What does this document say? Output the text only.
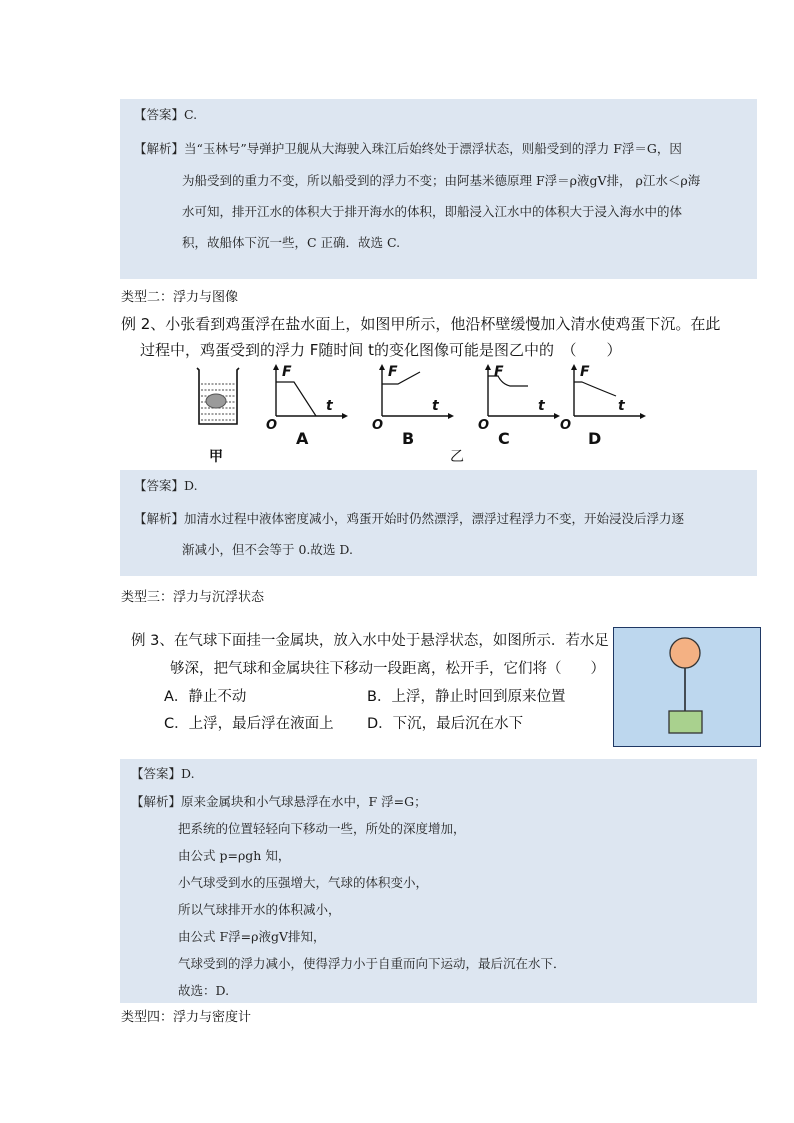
【答案】C.
【解析】当“玉林号”导弹护卫舰从大海驶入珠江后始终处于漂浮状态，则船受到的浮力 F浮＝G，因
为船受到的重力不变，所以船受到的浮力不变；由阿基米德原理 F浮＝ρ液gV排， ρ江水＜ρ海
水可知，排开江水的体积大于排开海水的体积，即船浸入江水中的体积大于浸入海水中的体
积，故船体下沉一些，C 正确．故选 C.
类型二：浮力与图像
例 2、小张看到鸡蛋浮在盐水面上，如图甲所示，他沿杯壁缓慢加入清水使鸡蛋下沉。在此
过程中，鸡蛋受到的浮力 F随时间 t的变化图像可能是图乙中的　（　　）
甲
F
t
O
A
F
t
O
B
F
t
O
C
F
t
O
D
乙
【答案】D.
【解析】加清水过程中液体密度减小，鸡蛋开始时仍然漂浮，漂浮过程浮力不变，开始浸没后浮力逐
渐减小，但不会等于 0.故选 D.
类型三：浮力与沉浮状态
例 3、在气球下面挂一金属块，放入水中处于悬浮状态，如图所示．若水足
够深，把气球和金属块往下移动一段距离，松开手，它们将（　　）
A．静止不动	B．上浮，静止时回到原来位置
C．上浮，最后浮在液面上 D．下沉，最后沉在水下
【答案】D.
【解析】原来金属块和小气球悬浮在水中，F 浮=G；
把系统的位置轻轻向下移动一些，所处的深度增加，
由公式 p=ρgh 知，
小气球受到水的压强增大，气球的体积变小，
所以气球排开水的体积减小，
由公式 F浮=ρ液gV排知，
气球受到的浮力减小，使得浮力小于自重而向下运动，最后沉在水下．
故选：D.
类型四：浮力与密度计
